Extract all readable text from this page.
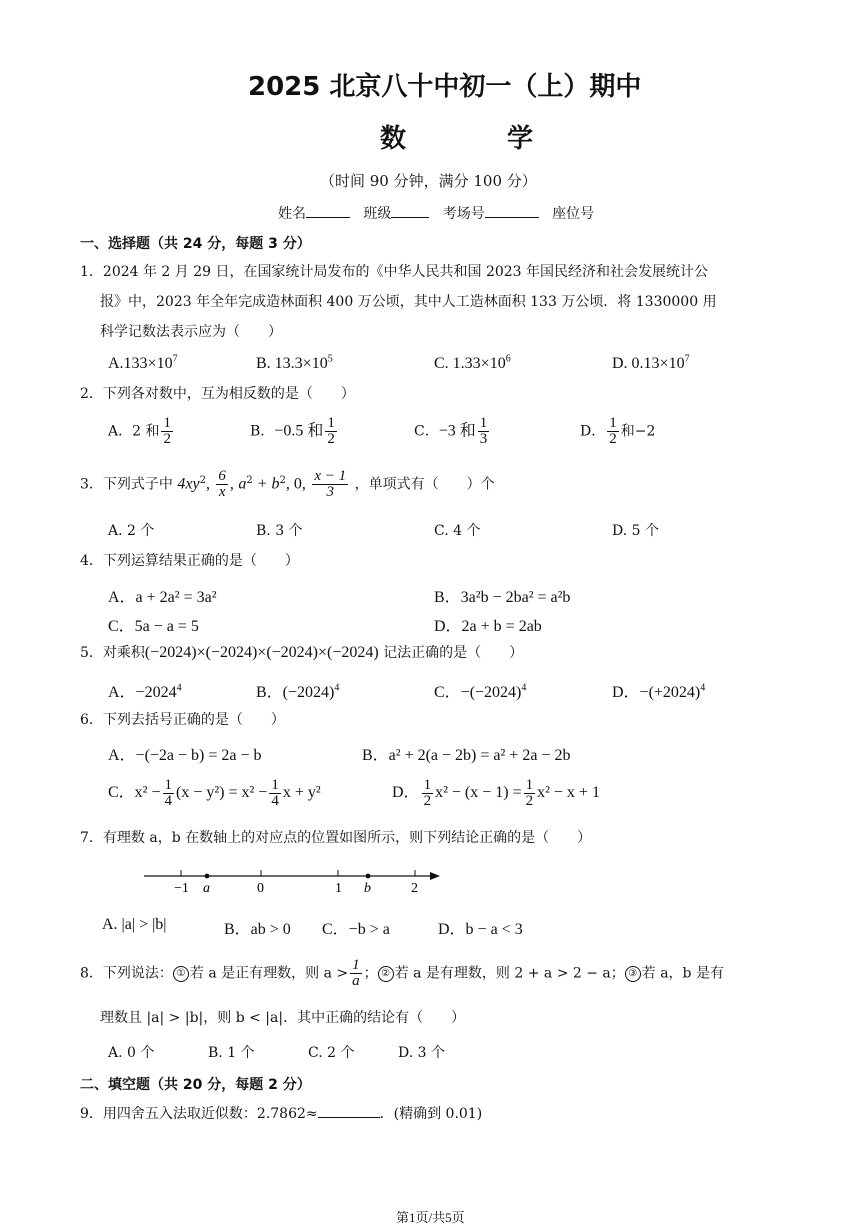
2025 北京八十中初一（上）期中
数 学
（时间 90 分钟，满分 100 分）
姓名	班级	考场号	座位号
一、选择题（共 24 分，每题 3 分）
1．2024 年 2 月 29 日，在国家统计局发布的《中华人民共和国 2023 年国民经济和社会发展统计公
报》中，2023 年全年完成造林面积 400 万公顷，其中人工造林面积 133 万公顷．将 1330000 用
科学记数法表示应为（　　）
$A.133\times 10^7$	B. $13.3\times 10^5$	C. $1.33\times 10^6$	D. $0.13\times 10^7$
2．下列各对数中，互为相反数的是（　　）
A．2 和 $\frac{1}{2}$	B．−0.5 和 $\frac{1}{2}$	C．−3 和 $\frac{1}{3}$	D． $\frac{1}{2}$ 和−2
3．下列式子中 $4xy^2$, $\frac{6}{x}$ , $a^2 + b^2$, 0, $\frac{x - 1}{3}$ ，单项式有（　　）个
A. 2 个	B. 3 个	C. 4 个	D. 5 个
4．下列运算结果正确的是（　　）
A．a + 2a² = 3a²	B．3a²b − 2ba² = a²b
C．5a − a = 5	D．2a + b = 2ab
5．对乘积(−2024)×(−2024)×(−2024)×(−2024) 记法正确的是（　　）
A．$-2024^4$	B．$(-2024)^4$	C．$-(-2024)^4$	D．$-(+2024)^4$
6．下列去括号正确的是（　　）
A．−(−2a − b) = 2a − b	B．a² + 2(a − 2b) = a² + 2a − 2b
C．$x^2 - \frac{1}{4} (x - y^2) = x^2 - \frac{1}{4}$ x + y²	D． $\frac{1}{2} x^2 - (x - 1) = \frac{1}{2} x^2 - x + 1$
7．有理数 a，b 在数轴上的对应点的位置如图所示，则下列结论正确的是（　　）
−1 a	0	1 b	2
A. |a| > |b|	B．ab > 0 C．−b > a	D．b − a < 3
8．下列说法： ① 若 a 是正有理数，则 $a > \frac{1}{a}$ ； ② 若 a 是有理数，则 2 + a > 2 − a； ③ 若 a，b 是有
理数且 |a| > |b|，则 b < |a|．其中正确的结论有（　　）
A. 0 个	B. 1 个	C. 2 个	D. 3 个
二、填空题（共 20 分，每题 2 分）
9．用四舍五入法取近似数：2.7862≈	．(精确到 0.01)
第1页/共5页
